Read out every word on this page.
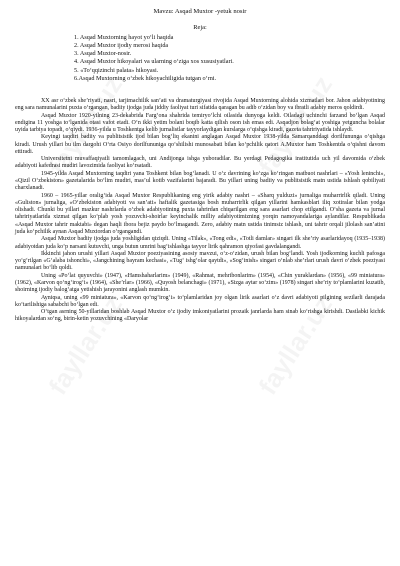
Mavzu: Asqad Muxtor -yetuk nosir
Reja:
1. Asqad Muxtorning hayot yo‘li haqida
2. Asqad Muxtor ijodiy merosi haqida
3. Asqad Muxtor-nosir.
4. Asqad Muxtor hikoyalari va ularning o‘ziga xos xususiyatlari.
5. «To‘qqizinchi palata» hikoyasi.
6.Asqad Muxtorning o‘zbek hikoyachiligida tutgan o‘rni.

XX asr o‘zbek she’riyati, nasri, tarjimachilik san’ati va dramaturgiyasi rivojida Asqad Muxtorning alohida xizmatlari bor. Jahon adabiyotining eng sara namunalarini puxta o‘rgangan, badiiy ijodga juda jiddiy faoliyat turi sifatida qaragan bu adib o‘zidan boy va ibratli adabiy meros qoldirdi.

Asqad Muxtor 1920-yilning 23-dekabrida Farg‘ona shahrida temiryo‘lchi oilasida dunyoga keldi. Oiladagi uchinchi farzand bo‘lgan Asqad endigina 11 yoshga to‘lganida otasi vafot etadi. O‘n ikki yetim bolani boqib katta qilish oson ish emas edi. Asqadjon bolag‘at yoshiga yetguncha bolalar uyida tarbiya topadi, o‘qiydi. 1936-yilda u Toshkentga kelib jurnalistlar tayyorlaydigan kurslarga o‘qishga kiradi, gazeta tahririyatida ishlaydi.

Keyingi taqdiri badiiy va publitsistik ijod bilan bog‘liq ekanini anglagan Asqad Muxtor 1938-yilda Samarqanddagi dorilfununga o‘qishga kiradi. Urush yillari bu ilm dargohi O‘rta Osiyo dorilfununiga qo‘shilishi munosabati bilan ko‘pchilik qatori A.Muxtor ham Toshkentda o‘qishni davom ettiradi.

Universitetni muvaffaqiyatli tamomlagach, uni Andijonga ishga yuboradilar. Bu yerdagi Pedagogika institutida uch yil davomida o‘zbek adabiyoti kafedrasi mudiri lavozimida faoliyat ko‘rsatadi.

1945-yilda Asqad Muxtorning taqdiri yana Toshkent bilan bog‘lanadi. U o‘z davrining ko‘zga ko‘ringan matbuot nashrlari – «Yosh leninchi», «Qizil O‘zbekiston» gazetalarida bo‘lim mudiri, mas’ul kotib vazifalarini bajaradi. Bu yillari uning badiiy va publitsistik matn ustida ishlash qobiliyati charxlanadi.

1960 – 1965-yillar oralig‘ida Asqad Muxtor Respublikaning eng yirik adabiy nashri – «Sharq yulduzi» jurnaliga muharrirlik qiladi. Uning «Guliston» jurnaliga, «O‘zbekiston adabiyoti va san’ati» haftalik gazetasiga bosh muharrirlik qilgan yillarini hamkasblari iliq xotiralar bilan yodga olishadi. Chunki bu yillari mazkur nashrlarda o‘zbek adabiyotining puxta tahrirdan chiqarilgan eng sara asarlari chop etilgandi. O‘sha gazeta va jurnal tahririyatlarida xizmat qilgan ko‘plab yosh yozuvchi-shoirlar keyinchalik milliy adabiyotimizning yorqin namoyandalariga aylandilar. Respublikada «Asqad Muxtor tahrir maktabi» degan haqli ibora bejiz paydo bo‘lmagandi. Zero, adabiy matn ustida tinimsiz ishlash, uni tahrir orqali jilolash san’atini juda ko‘pchilik aynan Asqad Muxtordan o‘rgangandi.

Asqad Muxtor badiiy ijodga juda yoshligidan qiziqdi. Uning «Tilak», «Tong edi», «Totli damlar» singari ilk she’riy asarlaridayoq (1935–1938) adabiyotdan juda ko‘p narsani kutuvchi, unga butun umrini bag‘ishlashga tayyor lirik qahramon qiyofasi gavdalangandi.

Ikkinchi jahon urushi yillari Asqad Muxtor poeziyasining asosiy mavzui, o‘z-o‘zidan, urush bilan bog‘landi. Yosh ijodkorning kuchli pafosga yo‘g‘rilgan «G‘alaba ishonchi», «Jangchining bayram kechasi», «Tug‘ ishg‘olar qaytdi», «Sog‘inish» singari o‘nlab she’rlari urush davri o‘zbek poeziyasi namunalari bo‘lib qoldi.

Uning «Po‘lat quyuvchi» (1947), «Hamshaharlarim» (1949), «Rahmat, mehribonlarim» (1954), «Chin yuraklardan» (1956), «99 miniatura» (1962), «Karvon qo‘ng‘irog‘i» (1964), «She’rlar» (1966), «Quyosh belanchagi» (1971), «Sizga aytar so‘zim» (1978) singari she’riy to‘plamlarini kuzatib, shoirning ijodiy balog‘atga yetishish jarayonini anglash mumkin.

Ayniqsa, uning «99 miniatura», «Karvon qo‘ng‘irog‘i» to‘plamlaridan joy olgan lirik asarlari o‘z davri adabiyoti pilgining sezilarli darajada ko‘tarilishiga sababchi bo‘lgan edi.

O‘tgan asrning 50-yillaridan boshlab Asqad Muxtor o‘z ijodiy imkoniyatlarini prozaik janrlarda ham sinab ko‘rishga kirishdi. Dastlabki kichik hikoyalardan so‘ng, birin-ketin yozuvchining «Daryolar
